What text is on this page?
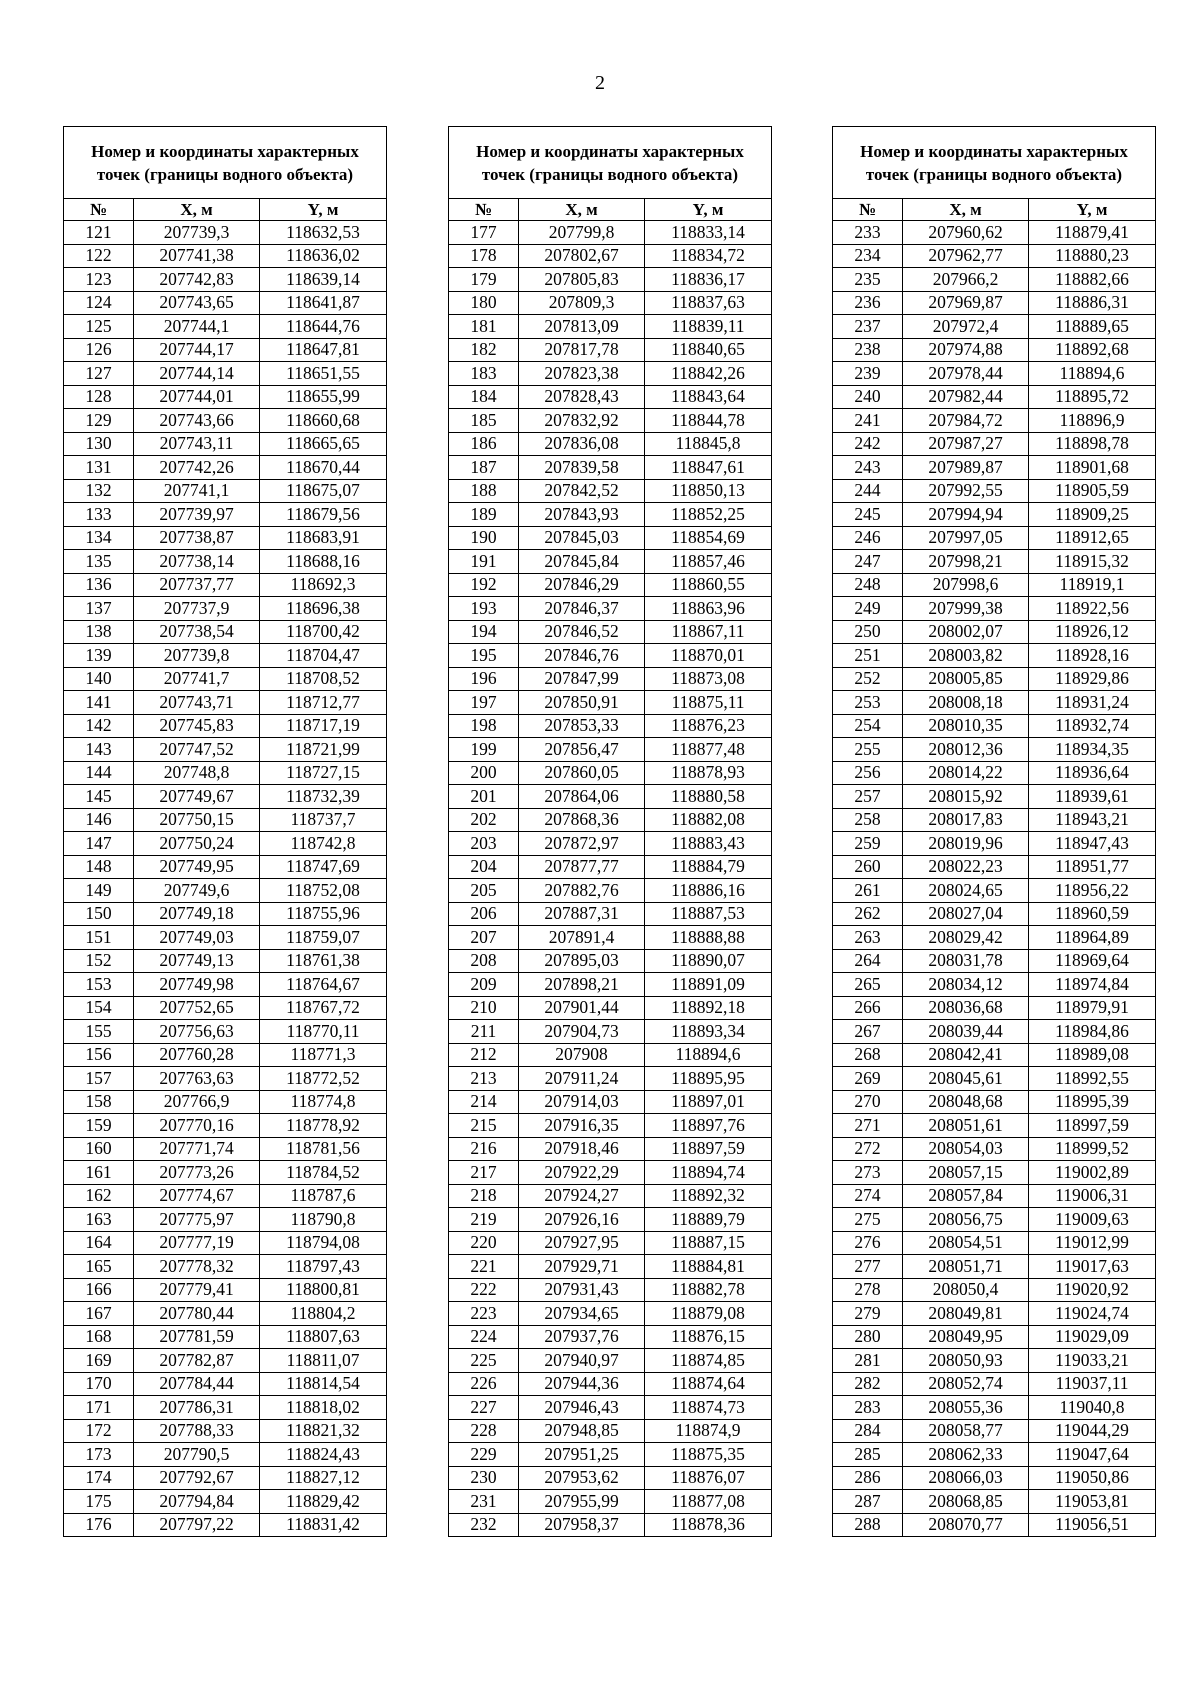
2
Номер и координаты характерных точек (границы водного объекта)		
№	X, м	Y, м
121	207739,3	118632,53
122	207741,38	118636,02
123	207742,83	118639,14
124	207743,65	118641,87
125	207744,1	118644,76
126	207744,17	118647,81
127	207744,14	118651,55
128	207744,01	118655,99
129	207743,66	118660,68
130	207743,11	118665,65
131	207742,26	118670,44
132	207741,1	118675,07
133	207739,97	118679,56
134	207738,87	118683,91
135	207738,14	118688,16
136	207737,77	118692,3
137	207737,9	118696,38
138	207738,54	118700,42
139	207739,8	118704,47
140	207741,7	118708,52
141	207743,71	118712,77
142	207745,83	118717,19
143	207747,52	118721,99
144	207748,8	118727,15
145	207749,67	118732,39
146	207750,15	118737,7
147	207750,24	118742,8
148	207749,95	118747,69
149	207749,6	118752,08
150	207749,18	118755,96
151	207749,03	118759,07
152	207749,13	118761,38
153	207749,98	118764,67
154	207752,65	118767,72
155	207756,63	118770,11
156	207760,28	118771,3
157	207763,63	118772,52
158	207766,9	118774,8
159	207770,16	118778,92
160	207771,74	118781,56
161	207773,26	118784,52
162	207774,67	118787,6
163	207775,97	118790,8
164	207777,19	118794,08
165	207778,32	118797,43
166	207779,41	118800,81
167	207780,44	118804,2
168	207781,59	118807,63
169	207782,87	118811,07
170	207784,44	118814,54
171	207786,31	118818,02
172	207788,33	118821,32
173	207790,5	118824,43
174	207792,67	118827,12
175	207794,84	118829,42
176	207797,22	118831,42
Номер и координаты характерных точек (границы водного объекта)		
№	X, м	Y, м
177	207799,8	118833,14
178	207802,67	118834,72
179	207805,83	118836,17
180	207809,3	118837,63
181	207813,09	118839,11
182	207817,78	118840,65
183	207823,38	118842,26
184	207828,43	118843,64
185	207832,92	118844,78
186	207836,08	118845,8
187	207839,58	118847,61
188	207842,52	118850,13
189	207843,93	118852,25
190	207845,03	118854,69
191	207845,84	118857,46
192	207846,29	118860,55
193	207846,37	118863,96
194	207846,52	118867,11
195	207846,76	118870,01
196	207847,99	118873,08
197	207850,91	118875,11
198	207853,33	118876,23
199	207856,47	118877,48
200	207860,05	118878,93
201	207864,06	118880,58
202	207868,36	118882,08
203	207872,97	118883,43
204	207877,77	118884,79
205	207882,76	118886,16
206	207887,31	118887,53
207	207891,4	118888,88
208	207895,03	118890,07
209	207898,21	118891,09
210	207901,44	118892,18
211	207904,73	118893,34
212	207908	118894,6
213	207911,24	118895,95
214	207914,03	118897,01
215	207916,35	118897,76
216	207918,46	118897,59
217	207922,29	118894,74
218	207924,27	118892,32
219	207926,16	118889,79
220	207927,95	118887,15
221	207929,71	118884,81
222	207931,43	118882,78
223	207934,65	118879,08
224	207937,76	118876,15
225	207940,97	118874,85
226	207944,36	118874,64
227	207946,43	118874,73
228	207948,85	118874,9
229	207951,25	118875,35
230	207953,62	118876,07
231	207955,99	118877,08
232	207958,37	118878,36
Номер и координаты характерных точек (границы водного объекта)		
№	X, м	Y, м
233	207960,62	118879,41
234	207962,77	118880,23
235	207966,2	118882,66
236	207969,87	118886,31
237	207972,4	118889,65
238	207974,88	118892,68
239	207978,44	118894,6
240	207982,44	118895,72
241	207984,72	118896,9
242	207987,27	118898,78
243	207989,87	118901,68
244	207992,55	118905,59
245	207994,94	118909,25
246	207997,05	118912,65
247	207998,21	118915,32
248	207998,6	118919,1
249	207999,38	118922,56
250	208002,07	118926,12
251	208003,82	118928,16
252	208005,85	118929,86
253	208008,18	118931,24
254	208010,35	118932,74
255	208012,36	118934,35
256	208014,22	118936,64
257	208015,92	118939,61
258	208017,83	118943,21
259	208019,96	118947,43
260	208022,23	118951,77
261	208024,65	118956,22
262	208027,04	118960,59
263	208029,42	118964,89
264	208031,78	118969,64
265	208034,12	118974,84
266	208036,68	118979,91
267	208039,44	118984,86
268	208042,41	118989,08
269	208045,61	118992,55
270	208048,68	118995,39
271	208051,61	118997,59
272	208054,03	118999,52
273	208057,15	119002,89
274	208057,84	119006,31
275	208056,75	119009,63
276	208054,51	119012,99
277	208051,71	119017,63
278	208050,4	119020,92
279	208049,81	119024,74
280	208049,95	119029,09
281	208050,93	119033,21
282	208052,74	119037,11
283	208055,36	119040,8
284	208058,77	119044,29
285	208062,33	119047,64
286	208066,03	119050,86
287	208068,85	119053,81
288	208070,77	119056,51
